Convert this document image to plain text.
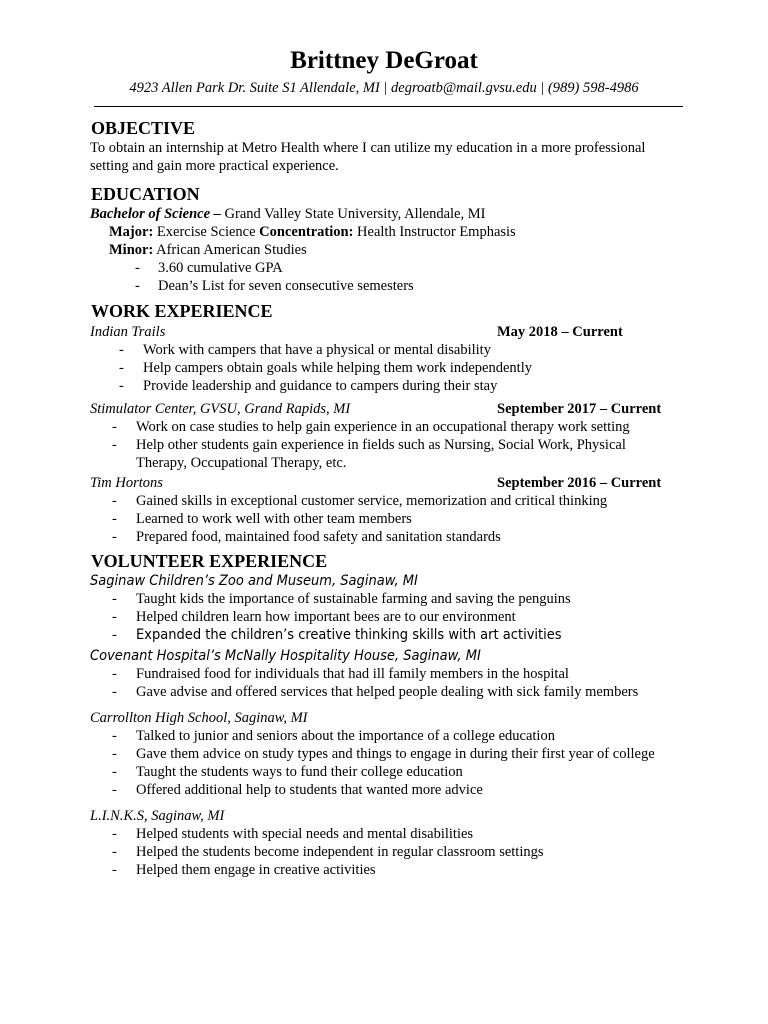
Brittney DeGroat
4923 Allen Park Dr. Suite S1 Allendale, MI | degroatb@mail.gvsu.edu | (989) 598-4986
OBJECTIVE
To obtain an internship at Metro Health where I can utilize my education in a more professional
setting and gain more practical experience.
EDUCATION
Bachelor of Science – Grand Valley State University, Allendale, MI
Major: Exercise Science Concentration: Health Instructor Emphasis
Minor: African American Studies
- 3.60 cumulative GPA
- Dean’s List for seven consecutive semesters
WORK EXPERIENCE
Indian Trails	May 2018 – Current
- Work with campers that have a physical or mental disability
- Help campers obtain goals while helping them work independently
- Provide leadership and guidance to campers during their stay
Stimulator Center, GVSU, Grand Rapids, MI	September 2017 – Current
- Work on case studies to help gain experience in an occupational therapy work setting
- Help other students gain experience in fields such as Nursing, Social Work, Physical
Therapy, Occupational Therapy, etc.
Tim Hortons	September 2016 – Current
- Gained skills in exceptional customer service, memorization and critical thinking
- Learned to work well with other team members
- Prepared food, maintained food safety and sanitation standards
VOLUNTEER EXPERIENCE
Saginaw Children’s Zoo and Museum, Saginaw, MI
- Taught kids the importance of sustainable farming and saving the penguins
- Helped children learn how important bees are to our environment
- Expanded the children’s creative thinking skills with art activities
Covenant Hospital’s McNally Hospitality House, Saginaw, MI
- Fundraised food for individuals that had ill family members in the hospital
- Gave advise and offered services that helped people dealing with sick family members
Carrollton High School, Saginaw, MI
- Talked to junior and seniors about the importance of a college education
- Gave them advice on study types and things to engage in during their first year of college
- Taught the students ways to fund their college education
- Offered additional help to students that wanted more advice
L.I.N.K.S, Saginaw, MI
- Helped students with special needs and mental disabilities
- Helped the students become independent in regular classroom settings
- Helped them engage in creative activities
